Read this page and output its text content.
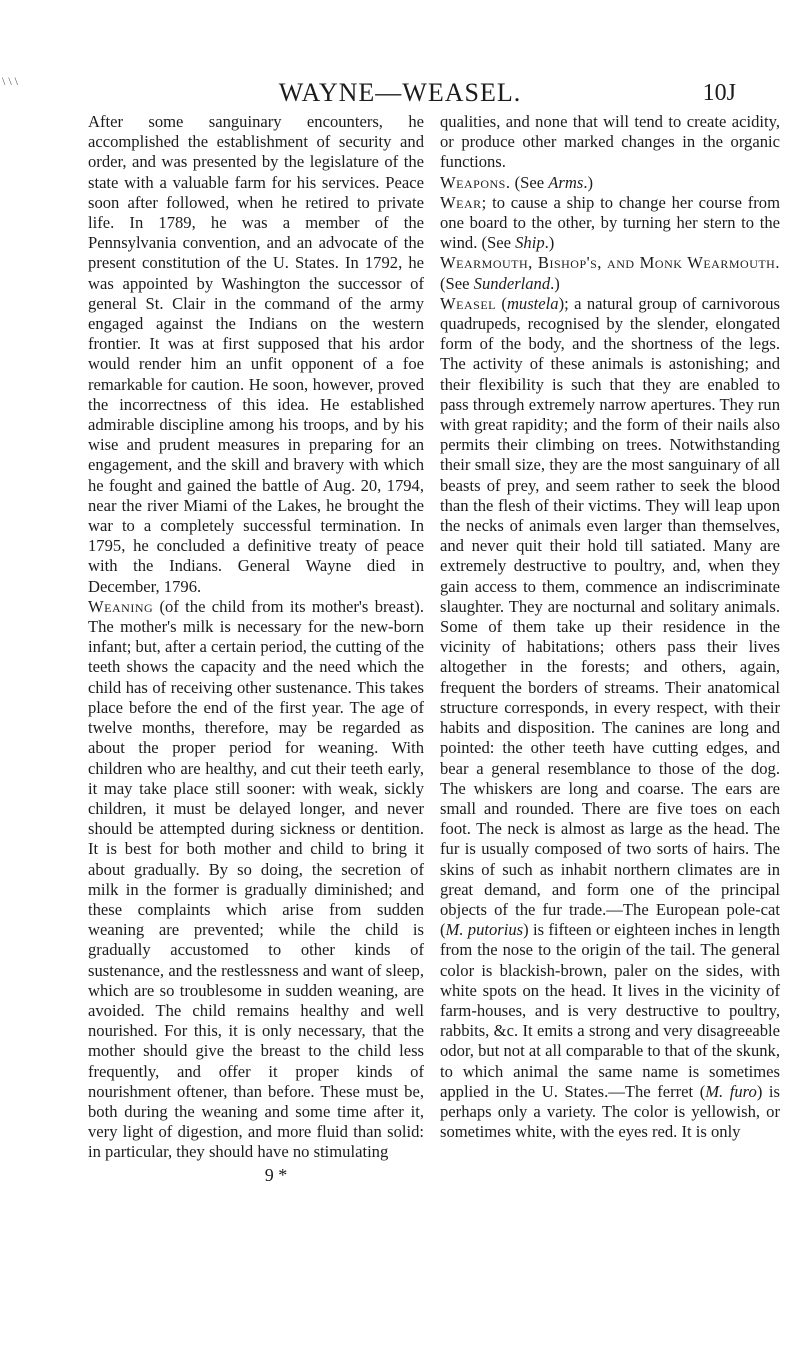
\ \ \	WAYNE—WEASEL.	10J

After some sanguinary encounters, he accomplished the establishment of security and order, and was presented by the legislature of the state with a valuable farm for his services. Peace soon after followed, when he retired to private life. In 1789, he was a member of the Pennsylvania convention, and an advocate of the present constitution of the U. States. In 1792, he was appointed by Washington the successor of general St. Clair in the command of the army engaged against the Indians on the western frontier. It was at first supposed that his ardor would render him an unfit opponent of a foe remarkable for caution. He soon, however, proved the incorrectness of this idea. He established admirable discipline among his troops, and by his wise and prudent measures in preparing for an engagement, and the skill and bravery with which he fought and gained the battle of Aug. 20, 1794, near the river Miami of the Lakes, he brought the war to a completely successful termination. In 1795, he concluded a definitive treaty of peace with the Indians. General Wayne died in December, 1796.

Weaning (of the child from its mother's breast). The mother's milk is necessary for the new-born infant; but, after a certain period, the cutting of the teeth shows the capacity and the need which the child has of receiving other sustenance. This takes place before the end of the first year. The age of twelve months, therefore, may be regarded as about the proper period for weaning. With children who are healthy, and cut their teeth early, it may take place still sooner: with weak, sickly children, it must be delayed longer, and never should be attempted during sickness or dentition. It is best for both mother and child to bring it about gradually. By so doing, the secretion of milk in the former is gradually diminished; and these complaints which arise from sudden weaning are prevented; while the child is gradually accustomed to other kinds of sustenance, and the restlessness and want of sleep, which are so troublesome in sudden weaning, are avoided. The child remains healthy and well nourished. For this, it is only necessary, that the mother should give the breast to the child less frequently, and offer it proper kinds of nourishment oftener, than before. These must be, both during the weaning and some time after it, very light of digestion, and more fluid than solid: in particular, they should have no stimulating

9 *

qualities, and none that will tend to create acidity, or produce other marked changes in the organic functions.

Weapons. (See Arms.)

Wear; to cause a ship to change her course from one board to the other, by turning her stern to the wind. (See Ship.)

Wearmouth, Bishop's, and Monk Wearmouth. (See Sunderland.)

Weasel (mustela); a natural group of carnivorous quadrupeds, recognised by the slender, elongated form of the body, and the shortness of the legs. The activity of these animals is astonishing; and their flexibility is such that they are enabled to pass through extremely narrow apertures. They run with great rapidity; and the form of their nails also permits their climbing on trees. Notwithstanding their small size, they are the most sanguinary of all beasts of prey, and seem rather to seek the blood than the flesh of their victims. They will leap upon the necks of animals even larger than themselves, and never quit their hold till satiated. Many are extremely destructive to poultry, and, when they gain access to them, commence an indiscriminate slaughter. They are nocturnal and solitary animals. Some of them take up their residence in the vicinity of habitations; others pass their lives altogether in the forests; and others, again, frequent the borders of streams. Their anatomical structure corresponds, in every respect, with their habits and disposition. The canines are long and pointed: the other teeth have cutting edges, and bear a general resemblance to those of the dog. The whiskers are long and coarse. The ears are small and rounded. There are five toes on each foot. The neck is almost as large as the head. The fur is usually composed of two sorts of hairs. The skins of such as inhabit northern climates are in great demand, and form one of the principal objects of the fur trade.—The European pole-cat (M. putorius) is fifteen or eighteen inches in length from the nose to the origin of the tail. The general color is blackish-brown, paler on the sides, with white spots on the head. It lives in the vicinity of farm-houses, and is very destructive to poultry, rabbits, &c. It emits a strong and very disagreeable odor, but not at all comparable to that of the skunk, to which animal the same name is sometimes applied in the U. States.—The ferret (M. furo) is perhaps only a variety. The color is yellowish, or sometimes white, with the eyes red. It is only
